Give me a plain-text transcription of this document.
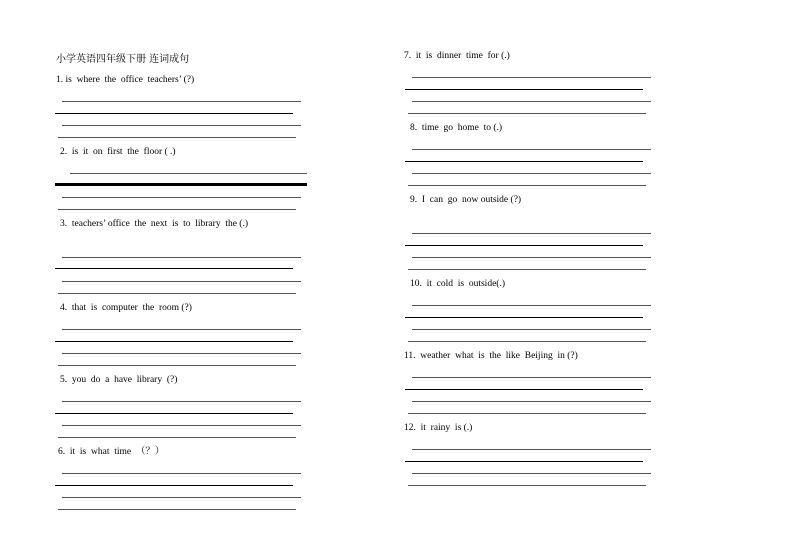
小学英语四年级下册 连词成句
1. is  where  the  office  teachers’ (?)
2.  is  it  on  first  the  floor ( .)
3.  teachers’ office  the  next  is  to  library  the (.)
4.  that  is  computer  the  room (?)
5.  you  do  a  have  library  (?)
6.  it  is  what  time  （？）
7.  it  is  dinner  time  for (.)
8.  time  go  home  to (.)
9.  I  can  go  now outside (?)
10.  it  cold  is  outside(.)
11.  weather  what  is  the  like  Beijing  in (?)
12.  it  rainy  is (.)
